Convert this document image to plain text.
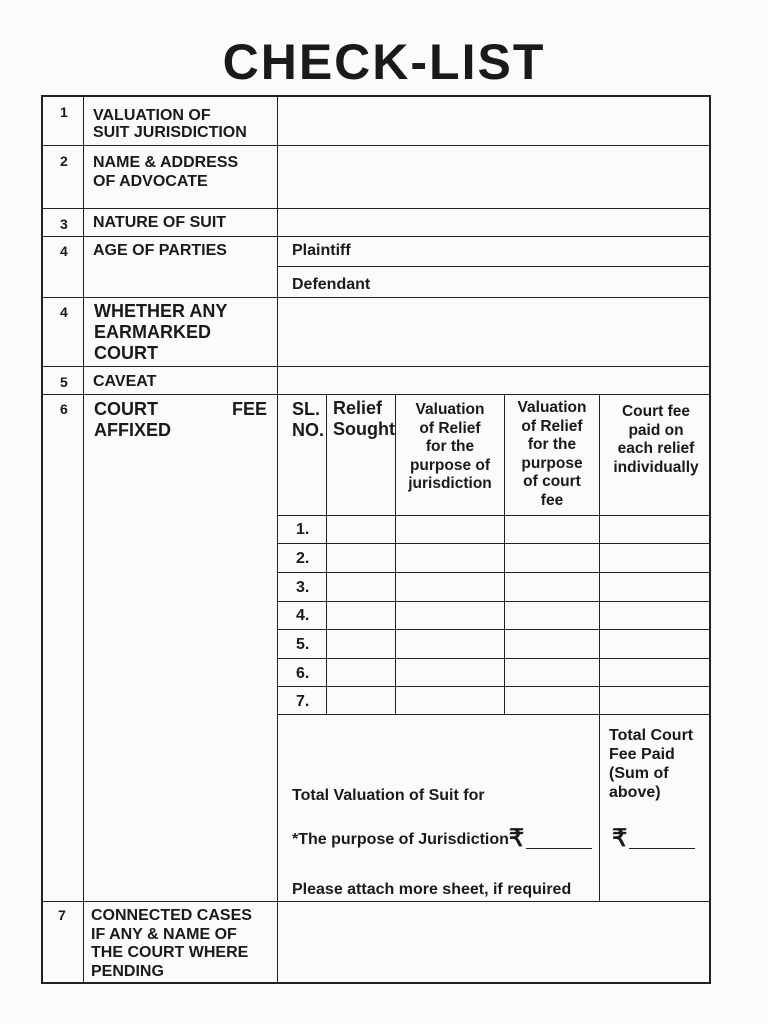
CHECK-LIST
1 VALUATION OF
SUIT JURISDICTION
2 NAME & ADDRESS
OF ADVOCATE
3 NATURE OF SUIT
4 AGE OF PARTIES	Plaintiff
Defendant
4 WHETHER ANY
EARMARKED
COURT
5 CAVEAT
6 COURT	FEE
AFFIXED
SL.
NO.
Relief
Sought
Valuation
of Relief
for the
purpose of
jurisdiction
Valuation
of Relief
for the
purpose
of court
fee
Court fee
paid on
each relief
individually
1.
2.
3.
4.
5.
6.
7.
Total Valuation of Suit for
*The purpose of Jurisdiction₹
Please attach more sheet, if required
Total Court
Fee Paid
(Sum of
above)
₹
7 CONNECTED CASES
IF ANY & NAME OF
THE COURT WHERE
PENDING
